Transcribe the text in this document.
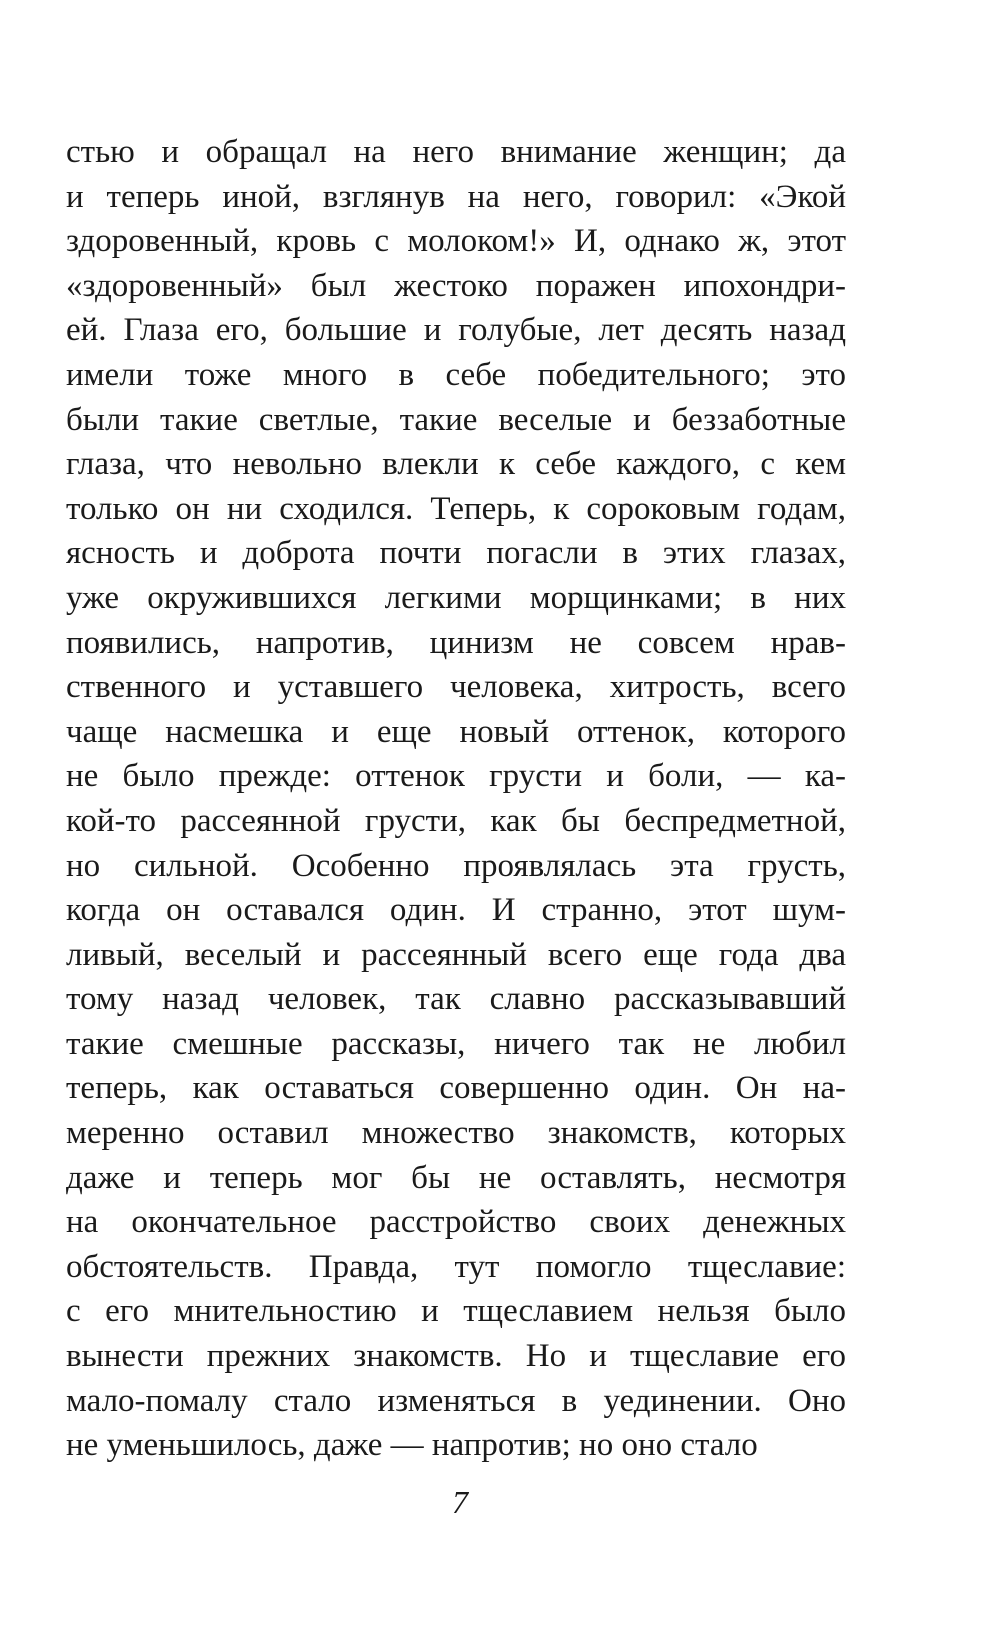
стью и обращал на него внимание женщин; да
и теперь иной, взглянув на него, говорил: «Экой
здоровенный, кровь с молоком!» И, однако ж, этот
«здоровенный» был жестоко поражен ипохондри-
ей. Глаза его, большие и голубые, лет десять назад
имели тоже много в себе победительного; это
были такие светлые, такие веселые и беззаботные
глаза, что невольно влекли к себе каждого, с кем
только он ни сходился. Теперь, к сороковым годам,
ясность и доброта почти погасли в этих глазах,
уже окружившихся легкими морщинками; в них
появились, напротив, цинизм не совсем нрав-
ственного и уставшего человека, хитрость, всего
чаще насмешка и еще новый оттенок, которого
не было прежде: оттенок грусти и боли, — ка-
кой-то рассеянной грусти, как бы беспредметной,
но сильной. Особенно проявлялась эта грусть,
когда он оставался один. И странно, этот шум-
ливый, веселый и рассеянный всего еще года два
тому назад человек, так славно рассказывавший
такие смешные рассказы, ничего так не любил
теперь, как оставаться совершенно один. Он на-
меренно оставил множество знакомств, которых
даже и теперь мог бы не оставлять, несмотря
на окончательное расстройство своих денежных
обстоятельств. Правда, тут помогло тщеславие:
с его мнительностию и тщеславием нельзя было
вынести прежних знакомств. Но и тщеславие его
мало-помалу стало изменяться в уединении. Оно
не уменьшилось, даже — напротив; но оно стало
7
